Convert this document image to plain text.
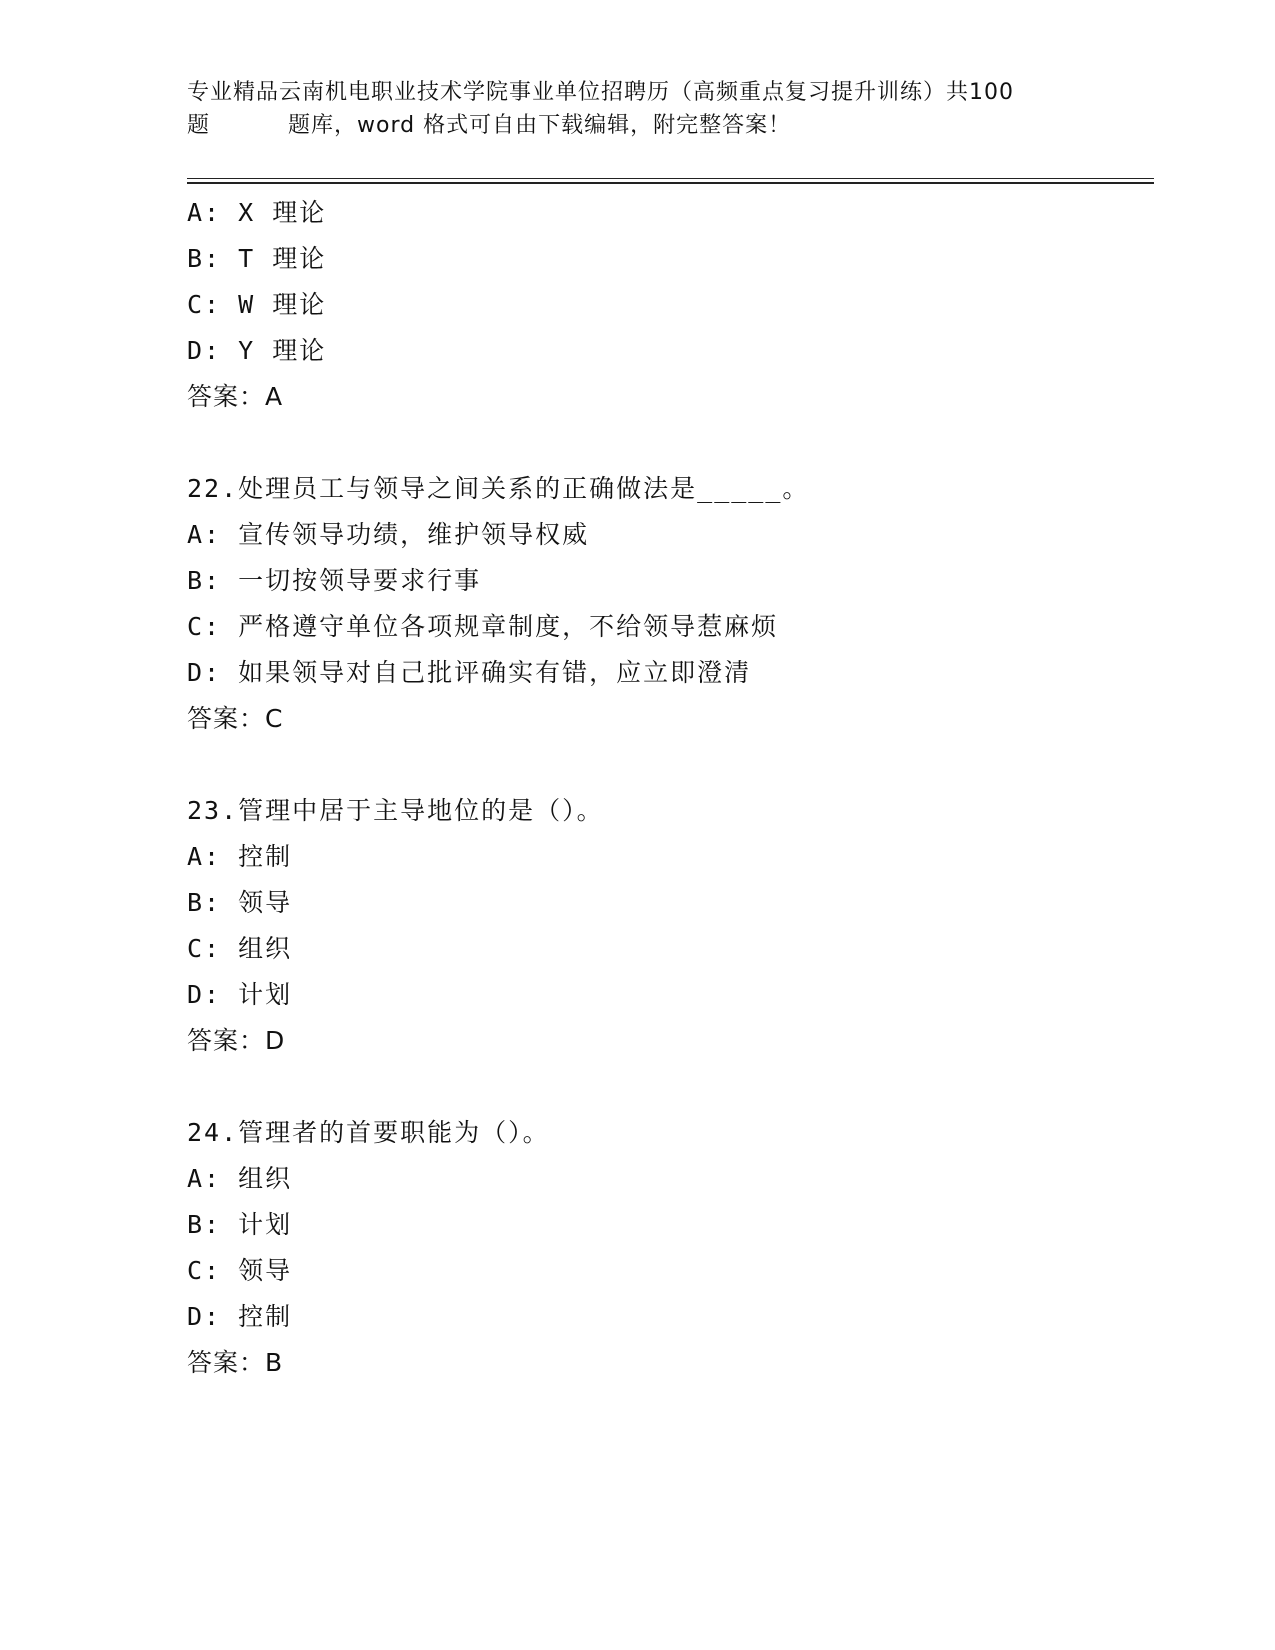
专业精品云南机电职业技术学院事业单位招聘历（高频重点复习提升训练）共100
题	题库，word 格式可自由下载编辑，附完整答案！
A: X 理论
B: T 理论
C: W 理论
D: Y 理论
答案：A
22.处理员工与领导之间关系的正确做法是_____。
A: 宣传领导功绩，维护领导权威
B: 一切按领导要求行事
C: 严格遵守单位各项规章制度，不给领导惹麻烦
D: 如果领导对自己批评确实有错，应立即澄清
答案：C
23.管理中居于主导地位的是（）。
A: 控制
B: 领导
C: 组织
D: 计划
答案：D
24.管理者的首要职能为（）。
A: 组织
B: 计划
C: 领导
D: 控制
答案：B
